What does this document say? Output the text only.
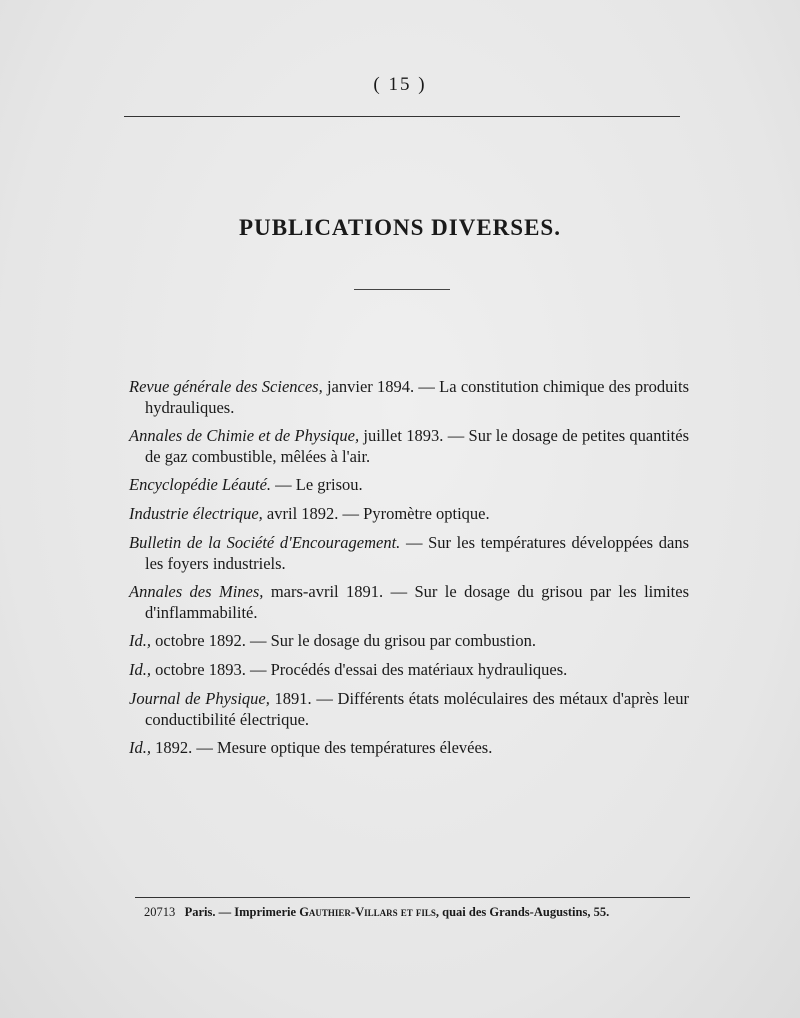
( 15 )
PUBLICATIONS DIVERSES.

Revue générale des Sciences, janvier 1894. — La constitution chimique des produits hydrauliques.

Annales de Chimie et de Physique, juillet 1893. — Sur le dosage de petites quantités de gaz combustible, mêlées à l'air.

Encyclopédie Léauté. — Le grisou.

Industrie électrique, avril 1892. — Pyromètre optique.

Bulletin de la Société d'Encouragement. — Sur les températures développées dans les foyers industriels.

Annales des Mines, mars-avril 1891. — Sur le dosage du grisou par les limites d'inflammabilité.

Id., octobre 1892. — Sur le dosage du grisou par combustion.

Id., octobre 1893. — Procédés d'essai des matériaux hydrauliques.

Journal de Physique, 1891. — Différents états moléculaires des métaux d'après leur conductibilité électrique.

Id., 1892. — Mesure optique des températures élevées.

20713 Paris. — Imprimerie Gauthier-Villars et fils, quai des Grands-Augustins, 55.
